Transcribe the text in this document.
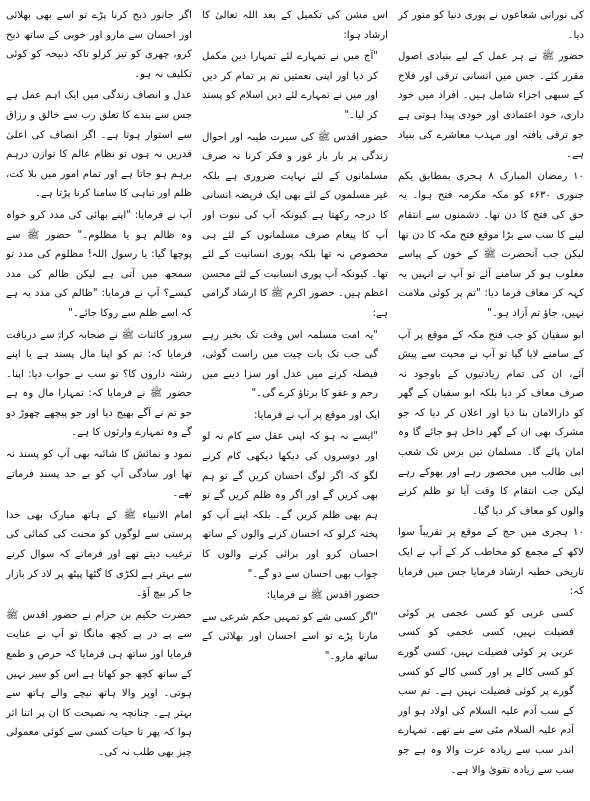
کی نورانی شعاعوں نے پوری دنیا کو منور کر دیا۔

حضور ﷺ نے ہر عمل کے لیے بنیادی اصول مقرر کئے۔ جس میں انسانی ترقی اور فلاح کے سبھی اجزاء شامل ہیں۔ افراد میں خود داری، خود اعتمادی اور خودی پیدا ہوتی ہے جو ترقی یافتہ اور مہذب معاشرے کی بنیاد ہے۔

۱۰ رمضان المبارک ۸ ہجری بمطابق یکم جنوری ۶۳۰ء کو مکہ مکرمہ فتح ہوا۔ یہ حق کی فتح کا دن تھا۔ دشمنوں سے انتقام لینے کا سب سے بڑا موقع فتح مکہ کا دن تھا لیکن جب آنحضرت ﷺ کے خون کے پیاسے مغلوب ہو کر سامنے آئے تو آپ نے انہیں یہ کہہ کر معاف فرما دیا: "تم پر کوئی ملامت نہیں، جاؤ تم آزاد ہو۔"

ابو سفیان کو جب فتح مکہ کے موقع پر آپ کے سامنے لایا گیا تو آپ نے محبت سے پیش آئے، ان کی تمام زیادتیوں کے باوجود نہ صرف معاف کر دیا بلکہ ابو سفیان کے گھر کو دارالامان بنا دیا اور اعلان کر دیا کہ جو مشرک بھی ان کے گھر داخل ہو جائے گا وہ امان پائے گا۔ مسلمان تین برس تک شعب ابی طالب میں محصور رہے اور بھوکے رہے لیکن جب انتقام کا وقت آیا تو ظلم کرنے والوں کو معاف کر دیا گیا۔

۱۰ ہجری میں حج کے موقع پر تقریباً سوا لاکھ کے مجمع کو مخاطب کر کے آپ نے ایک تاریخی خطبہ ارشاد فرمایا جس میں فرمایا کہ:

کسی عربی کو کسی عجمی پر کوئی فضیلت نہیں، کسی عجمی کو کسی عربی پر کوئی فضیلت نہیں، کسی گورے کو کسی کالے پر اور کسی کالے کو کسی گورے پر کوئی فضیلت نہیں ہے۔ تم سب کے سب آدم علیہ السلام کی اولاد ہو اور آدم علیہ السلام مٹی سے بنے تھے۔ تمہارے اندر سب سے زیادہ عزت والا وہ ہے جو سب سے زیادہ تقویٰ والا ہے۔

اس مشن کی تکمیل کے بعد اللہ تعالیٰ کا ارشاد ہوا:

"آج میں نے تمہارے لئے تمہارا دین مکمل کر دیا اور اپنی نعمتیں تم پر تمام کر دیں اور میں نے تمہارے لئے دین اسلام کو پسند کر لیا۔"

حضور اقدس ﷺ کی سیرت طیبہ اور احوال زندگی پر بار بار غور و فکر کرنا نہ صرف مسلمانوں کے لئے نہایت ضروری ہے بلکہ غیر مسلموں کے لئے بھی ایک فریضہ انسانی کا درجہ رکھتا ہے کیونکہ آپ کی نبوت اور آپ کا پیغام صرف مسلمانوں کے لئے ہی مخصوص نہ تھا بلکہ پوری انسانیت کے لئے تھا۔ کیونکہ آپ پوری انسانیت کے لئے محسن اعظم ہیں۔ حضور اکرم ﷺ کا ارشاد گرامی ہے:

"یہ امت مسلمہ اس وقت تک بخیر رہے گی جب تک بات چیت میں راست گوئی، فیصلہ کرنے میں عدل اور سزا دینے میں رحم و عفو کا برتاؤ کرے گی۔"

ایک اور موقع پر آپ نے فرمایا:

"ایسے نہ ہو کہ اپنی عقل سے کام نہ لو اور دوسروں کی دیکھا دیکھی کام کرنے لگو کہ اگر لوگ احسان کریں گے تو ہم بھی کریں گے اور اگر وہ ظلم کریں گے تو ہم بھی ظلم کریں گے۔ بلکہ اپنے آپ کو پختہ کرلو کہ احسان کرنے والوں کے ساتھ احسان کرو اور برائی کرنے والوں کا جواب بھی احسان سے دو گے۔"

حضور اقدس ﷺ نے فرمایا:

"اگر کسی شے کو تمہیں حکم شرعی سے مارنا پڑے تو اسے احسان اور بھلائی کے ساتھ مارو۔"

اگر جانور ذبح کرنا پڑے تو اسے بھی بھلائی اور احسان سے مارو اور خوبی کے ساتھ ذبح کرو، چھری کو تیز کرلو تاکہ ذبیحہ کو کوئی تکلیف نہ ہو۔

عدل و انصاف زندگی میں ایک اہم عمل ہے جس سے بندے کا تعلق رب سے خالق و رزاق سے استوار ہوتا ہے۔ اگر انصاف کی اعلیٰ قدریں نہ ہوں تو نظام عالم کا توازن درہم برہم ہو جاتا ہے اور تمام امور میں بلا کت، ظلم اور تباہی کا سامنا کرنا پڑتا ہے۔

آپ نے فرمایا: "اپنے بھائی کی مدد کرو خواہ وہ ظالم ہو یا مظلوم۔" حضور ﷺ سے پوچھا گیا: یا رسول اللہ! مظلوم کی مدد تو سمجھ میں آتی ہے لیکن ظالم کی مدد کیسے؟ آپ نے فرمایا: "ظالم کی مدد یہ ہے کہ اسے ظلم سے روکا جائے۔"

سرور کائنات ﷺ نے صحابہ کرامؓ سے دریافت فرمایا کہ: تم کو اپنا مال پسند ہے یا اپنے رشتہ داروں کا؟ تو سب نے جواب دیا: اپنا۔ حضور ﷺ نے فرمایا کہ: تمہارا مال وہ ہے جو تم نے آگے بھیج دیا اور جو پیچھے چھوڑ دو گے وہ تمہارے وارثوں کا ہے۔

نمود و نمائش کا شائبہ بھی آپ کو پسند نہ تھا اور سادگی آپ کو بے حد پسند فرماتے تھے۔

امام الانبیاء ﷺ کے ہاتھ مبارک بھی خدا پرستی سے لوگوں کو محنت کی کمائی کی ترغیب دیتے تھے اور فرماتے کہ سوال کرنے سے بہتر ہے لکڑی کا گٹھا پیٹھ پر لاد کر بازار جا کر بیچ آؤ۔

حضرت حکیم بن حزام نے حضور اقدس ﷺ سے پے در پے کچھ مانگا تو آپ نے عنایت فرمایا اور ساتھ ہی فرمایا کہ حرص و طمع کے ساتھ کچھ جو کھاتا ہے اس کو سیر نہیں ہوتی۔ اوپر والا ہاتھ نیچے والے ہاتھ سے بہتر ہے۔ چنانچہ یہ نصیحت کا ان پر اتنا اثر ہوا کہ پھر تا حیات کسی سے کوئی معمولی چیز بھی طلب نہ کی۔
